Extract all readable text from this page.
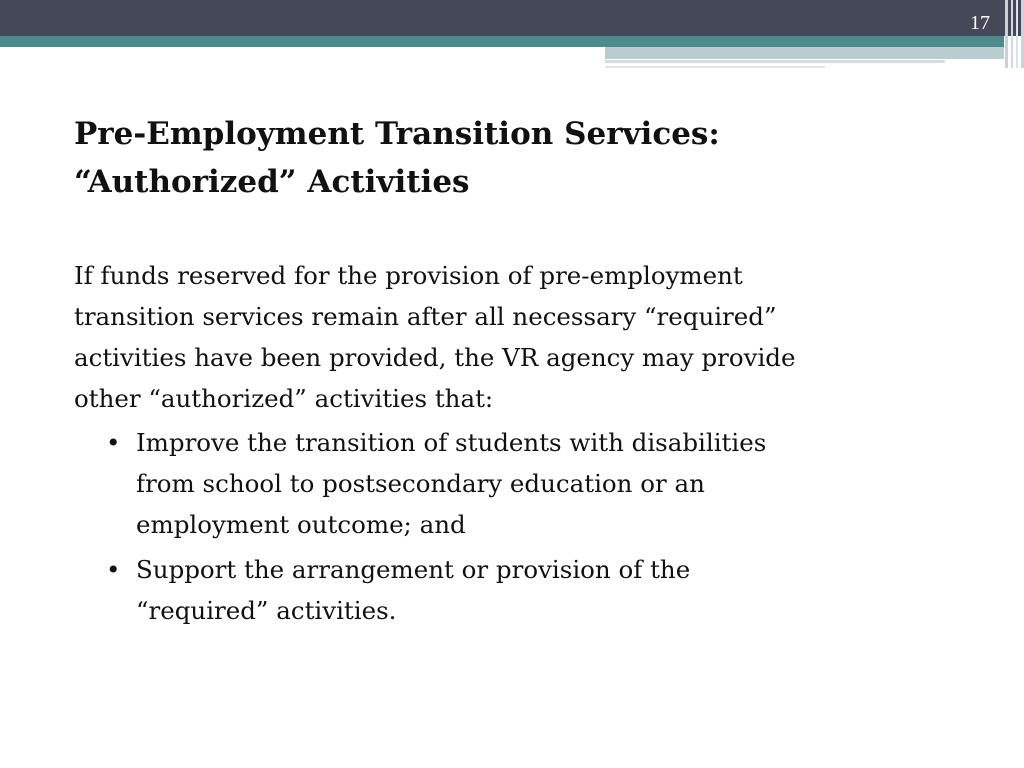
17
Pre-Employment Transition Services:
“Authorized” Activities

If funds reserved for the provision of pre-employment
transition services remain after all necessary “required”
activities have been provided, the VR agency may provide
other “authorized” activities that:

• Improve the transition of students with disabilities
from school to postsecondary education or an
employment outcome; and
• Support the arrangement or provision of the
“required” activities.
